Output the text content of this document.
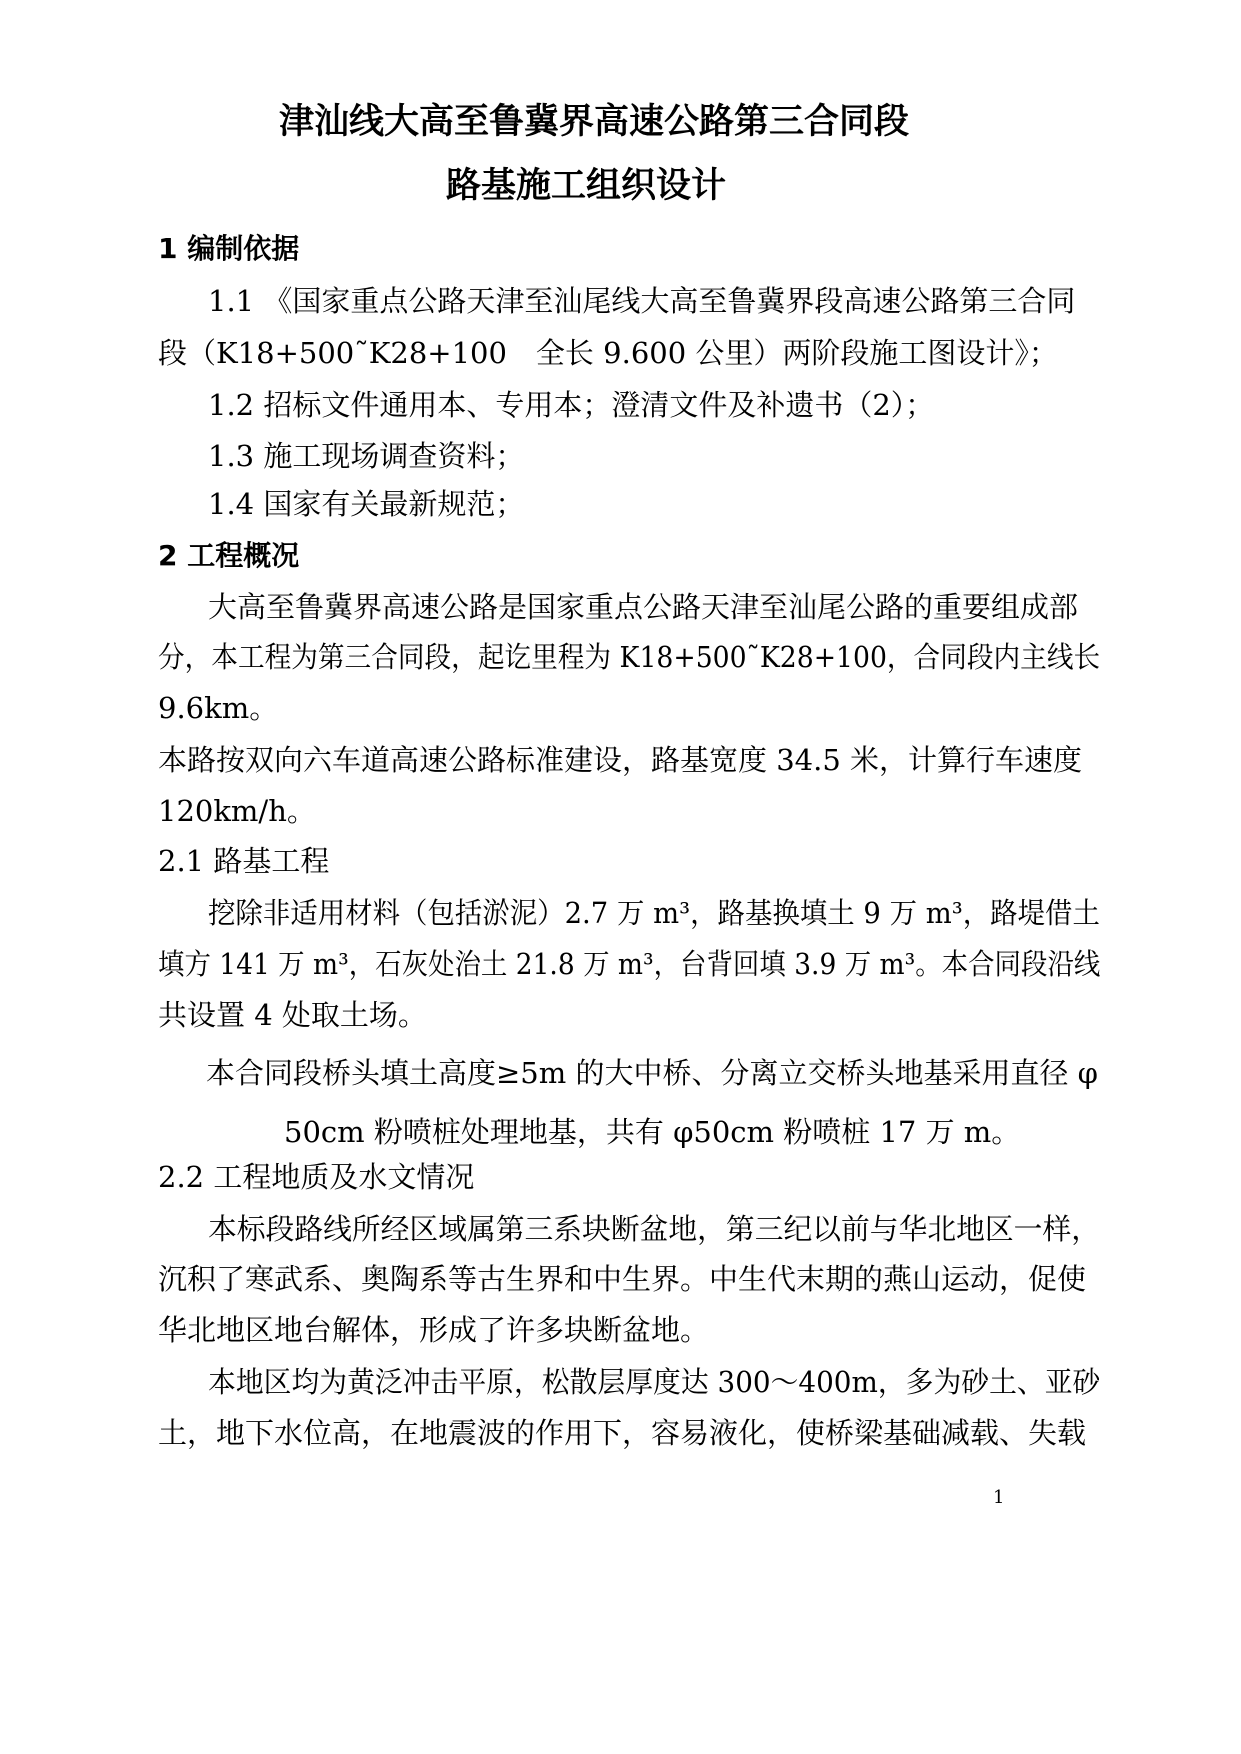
津汕线大高至鲁冀界高速公路第三合同段
路基施工组织设计
1 编制依据
1.1 《国家重点公路天津至汕尾线大高至鲁冀界段高速公路第三合同
段（K18+500˜K28+100　全长 9.600 公里）两阶段施工图设计》；
1.2 招标文件通用本、专用本；澄清文件及补遗书（2）；
1.3 施工现场调查资料；
1.4 国家有关最新规范；
2 工程概况
大高至鲁冀界高速公路是国家重点公路天津至汕尾公路的重要组成部
分，本工程为第三合同段，起讫里程为 K18+500˜K28+100，合同段内主线长
9.6km。
本路按双向六车道高速公路标准建设，路基宽度 34.5 米，计算行车速度
120km/h。
2.1 路基工程
挖除非适用材料（包括淤泥）2.7 万 m³，路基换填土 9 万 m³，路堤借土
填方 141 万 m³，石灰处治土 21.8 万 m³，台背回填 3.9 万 m³。本合同段沿线
共设置 4 处取土场。
本合同段桥头填土高度≥5m 的大中桥、分离立交桥头地基采用直径 φ
50cm 粉喷桩处理地基，共有 φ50cm 粉喷桩 17 万 m。
2.2 工程地质及水文情况
本标段路线所经区域属第三系块断盆地，第三纪以前与华北地区一样，
沉积了寒武系、奥陶系等古生界和中生界。中生代末期的燕山运动，促使
华北地区地台解体，形成了许多块断盆地。
本地区均为黄泛冲击平原，松散层厚度达 300～400m，多为砂土、亚砂
土，地下水位高，在地震波的作用下，容易液化，使桥梁基础减载、失载
1
